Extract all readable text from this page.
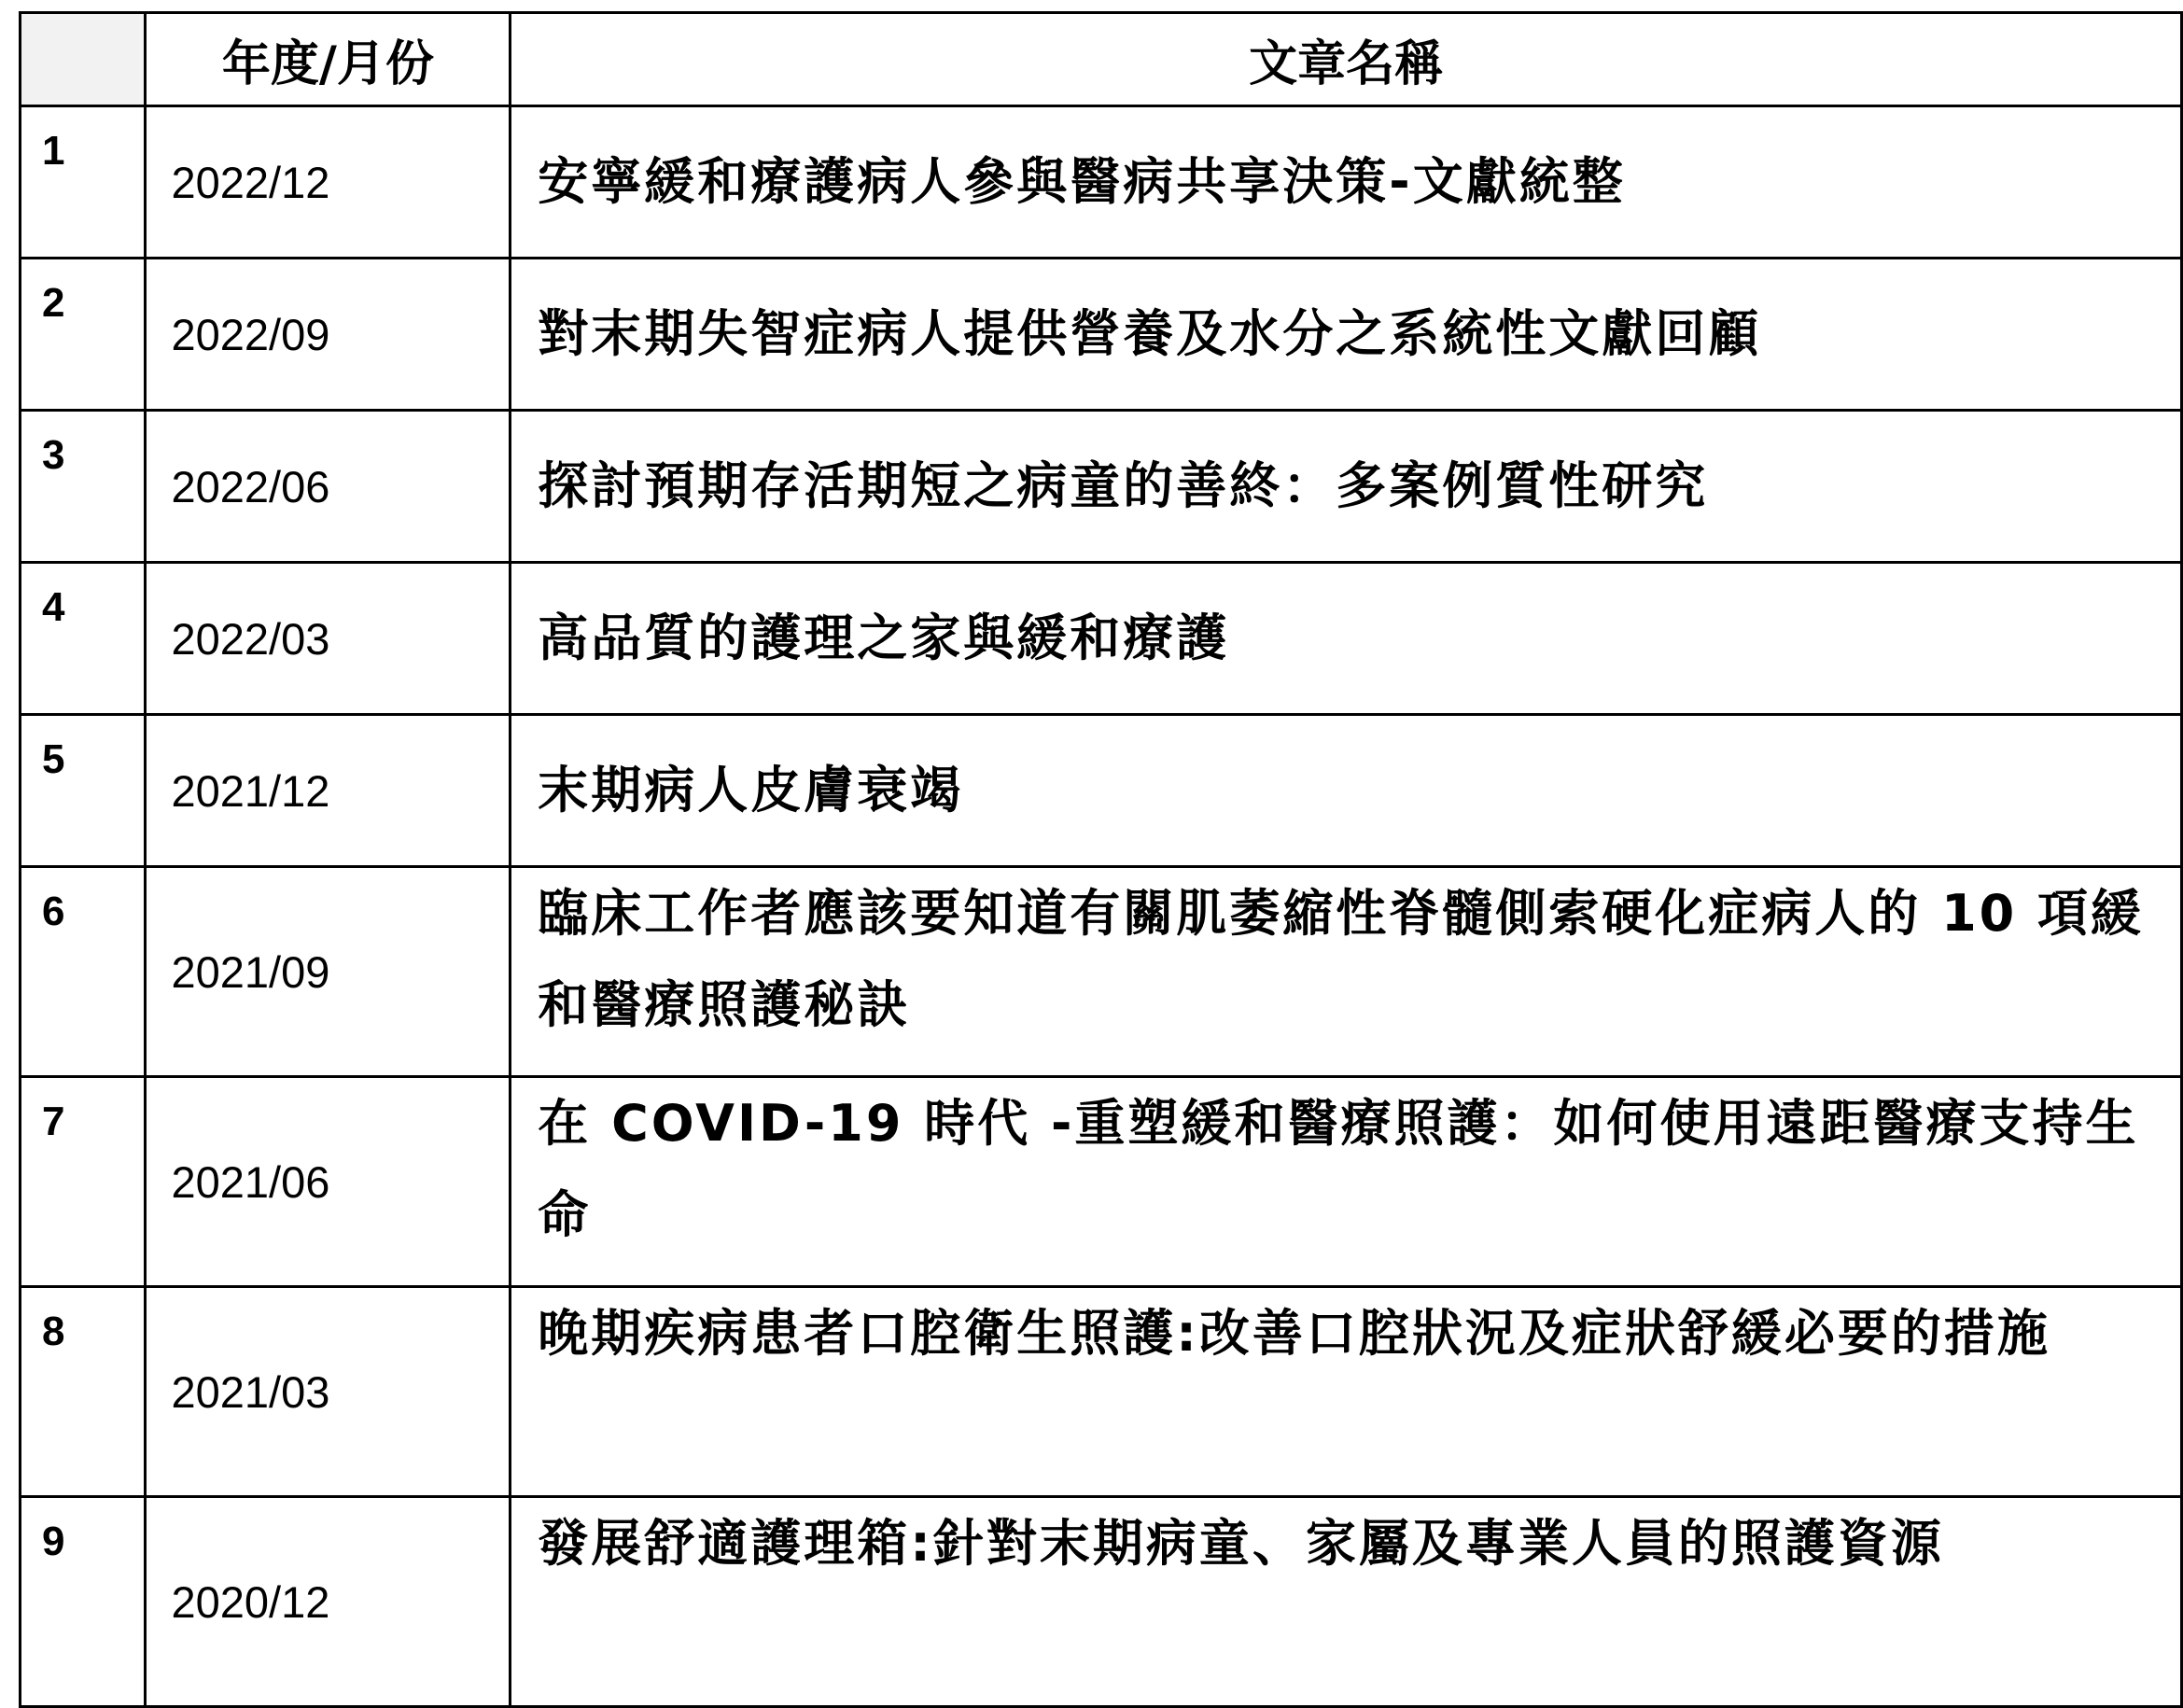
	年度/月份	文章名稱
1	2022/12	安寧緩和療護病人參與醫病共享決策-文獻統整
2	2022/09	對末期失智症病人提供營養及水分之系統性文獻回顧
3	2022/06	探討預期存活期短之病童的善終：多案例質性研究
4	2022/03	高品質的護理之家與緩和療護
5	2021/12	末期病人皮膚衰竭
6	2021/09	臨床工作者應該要知道有關肌萎縮性脊髓側索硬化症病人的 10 項緩和醫療照護秘訣
7	2021/06	在 COVID-19 時代 -重塑緩和醫療照護：如何使用遠距醫療支持生命
8	2021/03	晚期疾病患者口腔衛生照護:改善口腔狀況及症狀舒緩必要的措施
9	2020/12	發展舒適護理箱:針對末期病童、家屬及專業人員的照護資源
